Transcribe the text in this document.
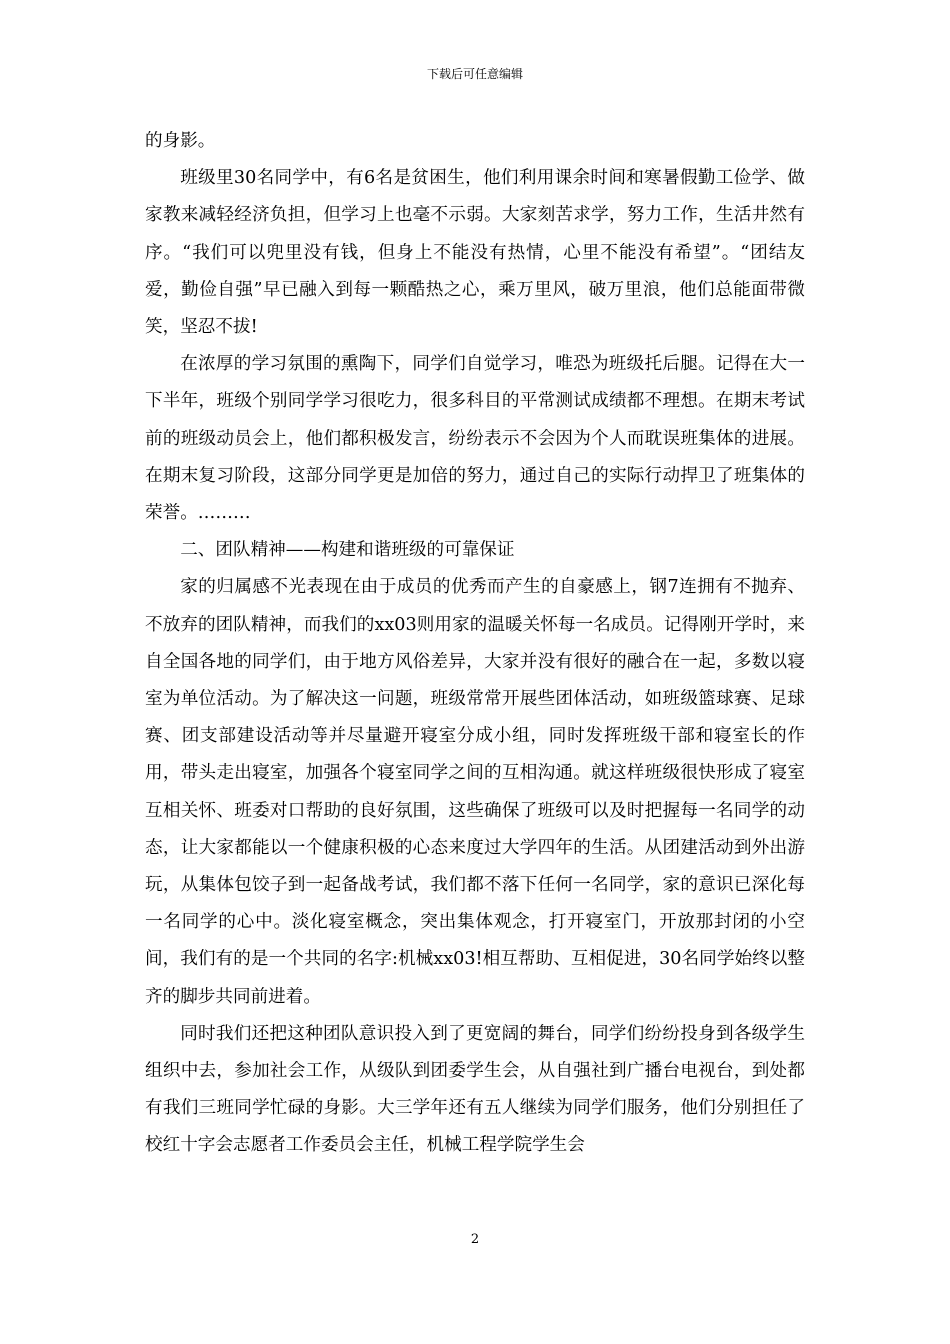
下载后可任意编辑

的身影。

班级里30名同学中，有6名是贫困生，他们利用课余时间和寒暑假勤工俭学、做家教来减轻经济负担，但学习上也毫不示弱。大家刻苦求学，努力工作，生活井然有序。“我们可以兜里没有钱，但身上不能没有热情，心里不能没有希望”。“团结友爱，勤俭自强”早已融入到每一颗酷热之心，乘万里风，破万里浪，他们总能面带微笑，坚忍不拔!

在浓厚的学习氛围的熏陶下，同学们自觉学习，唯恐为班级托后腿。记得在大一下半年，班级个别同学学习很吃力，很多科目的平常测试成绩都不理想。在期末考试前的班级动员会上，他们都积极发言，纷纷表示不会因为个人而耽误班集体的进展。在期末复习阶段，这部分同学更是加倍的努力，通过自己的实际行动捍卫了班集体的荣誉。………

二、团队精神——构建和谐班级的可靠保证

家的归属感不光表现在由于成员的优秀而产生的自豪感上，钢7连拥有不抛弃、不放弃的团队精神，而我们的xx03则用家的温暖关怀每一名成员。记得刚开学时，来自全国各地的同学们，由于地方风俗差异，大家并没有很好的融合在一起，多数以寝室为单位活动。为了解决这一问题，班级常常开展些团体活动，如班级篮球赛、足球赛、团支部建设活动等并尽量避开寝室分成小组，同时发挥班级干部和寝室长的作用，带头走出寝室，加强各个寝室同学之间的互相沟通。就这样班级很快形成了寝室互相关怀、班委对口帮助的良好氛围，这些确保了班级可以及时把握每一名同学的动态，让大家都能以一个健康积极的心态来度过大学四年的生活。从团建活动到外出游玩，从集体包饺子到一起备战考试，我们都不落下任何一名同学，家的意识已深化每一名同学的心中。淡化寝室概念，突出集体观念，打开寝室门，开放那封闭的小空间，我们有的是一个共同的名字:机械xx03!相互帮助、互相促进，30名同学始终以整齐的脚步共同前进着。

同时我们还把这种团队意识投入到了更宽阔的舞台，同学们纷纷投身到各级学生组织中去，参加社会工作，从级队到团委学生会，从自强社到广播台电视台，到处都有我们三班同学忙碌的身影。大三学年还有五人继续为同学们服务，他们分别担任了校红十字会志愿者工作委员会主任，机械工程学院学生会

2
